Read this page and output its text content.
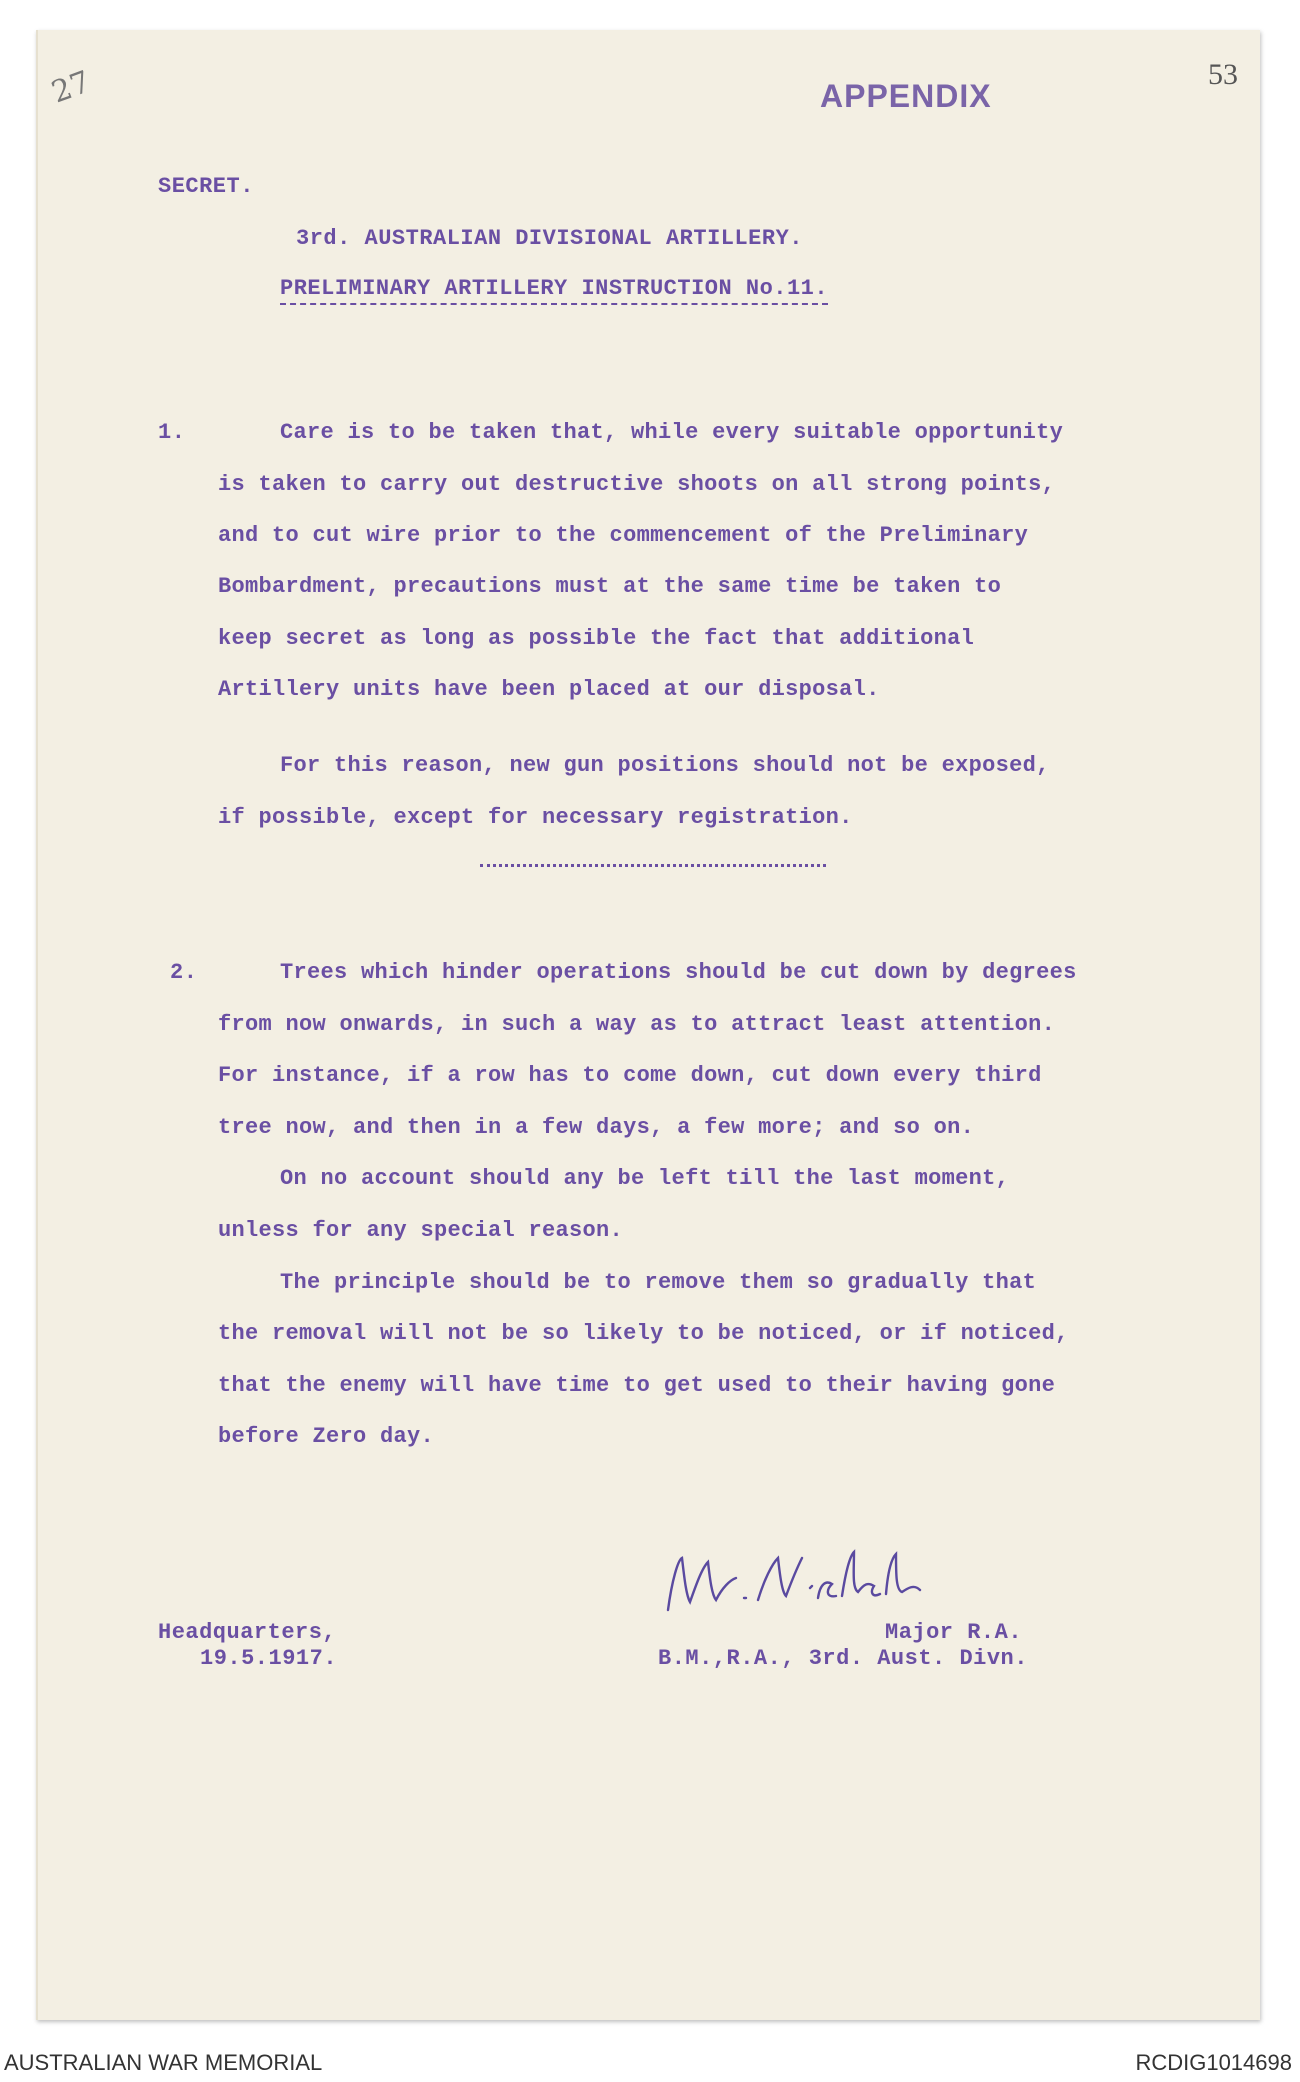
27	APPENDIX
53
SECRET.
3rd. AUSTRALIAN DIVISIONAL ARTILLERY.
PRELIMINARY ARTILLERY INSTRUCTION No.11.
1.	Care is to be taken that, while every suitable opportunity
is taken to carry out destructive shoots on all strong points,
and to cut wire prior to the commencement of the Preliminary
Bombardment, precautions must at the same time be taken to
keep secret as long as possible the fact that additional
Artillery units have been placed at our disposal.
For this reason, new gun positions should not be exposed,
if possible, except for necessary registration.
2.	Trees which hinder operations should be cut down by degrees
from now onwards, in such a way as to attract least attention.
For instance, if a row has to come down, cut down every third
tree now, and then in a few days, a few more; and so on.
On no account should any be left till the last moment,
unless for any special reason.
The principle should be to remove them so gradually that
the removal will not be so likely to be noticed, or if noticed,
that the enemy will have time to get used to their having gone
before Zero day.
Headquarters,
19.5.1917.
Major R.A.
B.M.,R.A., 3rd. Aust. Divn.
AUSTRALIAN WAR MEMORIAL	RCDIG1014698
